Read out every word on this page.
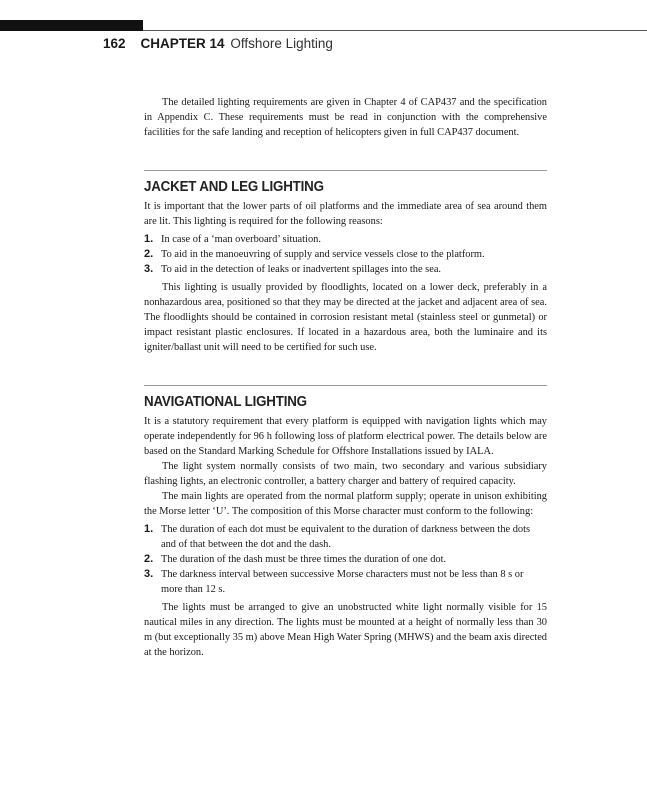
162 CHAPTER 14 Offshore Lighting

The detailed lighting requirements are given in Chapter 4 of CAP437 and the specification in Appendix C. These requirements must be read in conjunction with the comprehensive facilities for the safe landing and reception of helicopters given in full CAP437 document.

JACKET AND LEG LIGHTING

It is important that the lower parts of oil platforms and the immediate area of sea around them are lit. This lighting is required for the following reasons:

1. In case of a ‘man overboard’ situation.
2. To aid in the manoeuvring of supply and service vessels close to the platform.
3. To aid in the detection of leaks or inadvertent spillages into the sea.

This lighting is usually provided by floodlights, located on a lower deck, preferably in a nonhazardous area, positioned so that they may be directed at the jacket and adjacent area of sea. The floodlights should be contained in corrosion resistant metal (stainless steel or gunmetal) or impact resistant plastic enclosures. If located in a hazardous area, both the luminaire and its igniter/ballast unit will need to be certified for such use.

NAVIGATIONAL LIGHTING

It is a statutory requirement that every platform is equipped with navigation lights which may operate independently for 96 h following loss of platform electrical power. The details below are based on the Standard Marking Schedule for Offshore Installations issued by IALA.

The light system normally consists of two main, two secondary and various subsidiary flashing lights, an electronic controller, a battery charger and battery of required capacity.

The main lights are operated from the normal platform supply; operate in unison exhibiting the Morse letter ‘U’. The composition of this Morse character must conform to the following:

1. The duration of each dot must be equivalent to the duration of darkness between the dots and of that between the dot and the dash.
2. The duration of the dash must be three times the duration of one dot.
3. The darkness interval between successive Morse characters must not be less than 8 s or more than 12 s.

The lights must be arranged to give an unobstructed white light normally visible for 15 nautical miles in any direction. The lights must be mounted at a height of normally less than 30 m (but exceptionally 35 m) above Mean High Water Spring (MHWS) and the beam axis directed at the horizon.
